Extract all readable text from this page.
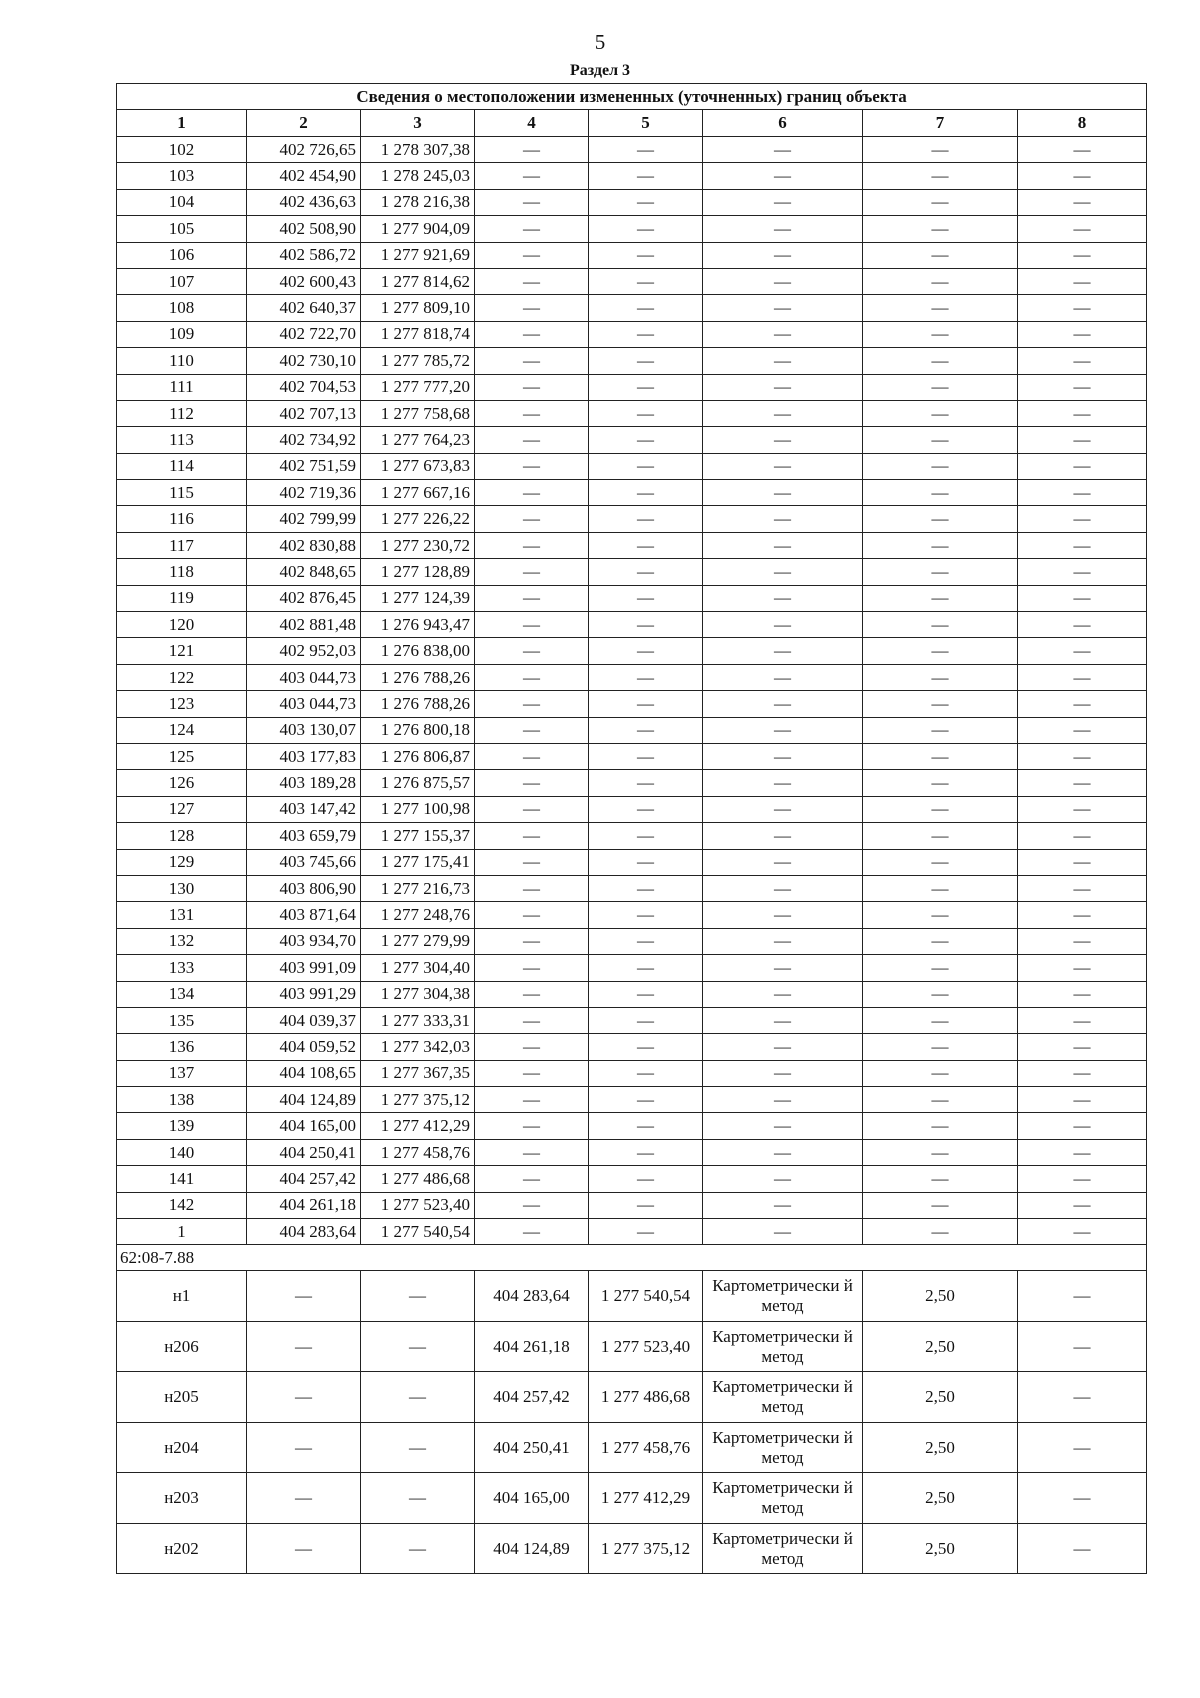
5
Раздел 3
Сведения о местоположении измененных (уточненных) границ объекта							
1	2	3	4	5	6	7	8
102	402 726,65	1 278 307,38	—	—	—	—	—
103	402 454,90	1 278 245,03	—	—	—	—	—
104	402 436,63	1 278 216,38	—	—	—	—	—
105	402 508,90	1 277 904,09	—	—	—	—	—
106	402 586,72	1 277 921,69	—	—	—	—	—
107	402 600,43	1 277 814,62	—	—	—	—	—
108	402 640,37	1 277 809,10	—	—	—	—	—
109	402 722,70	1 277 818,74	—	—	—	—	—
110	402 730,10	1 277 785,72	—	—	—	—	—
111	402 704,53	1 277 777,20	—	—	—	—	—
112	402 707,13	1 277 758,68	—	—	—	—	—
113	402 734,92	1 277 764,23	—	—	—	—	—
114	402 751,59	1 277 673,83	—	—	—	—	—
115	402 719,36	1 277 667,16	—	—	—	—	—
116	402 799,99	1 277 226,22	—	—	—	—	—
117	402 830,88	1 277 230,72	—	—	—	—	—
118	402 848,65	1 277 128,89	—	—	—	—	—
119	402 876,45	1 277 124,39	—	—	—	—	—
120	402 881,48	1 276 943,47	—	—	—	—	—
121	402 952,03	1 276 838,00	—	—	—	—	—
122	403 044,73	1 276 788,26	—	—	—	—	—
123	403 044,73	1 276 788,26	—	—	—	—	—
124	403 130,07	1 276 800,18	—	—	—	—	—
125	403 177,83	1 276 806,87	—	—	—	—	—
126	403 189,28	1 276 875,57	—	—	—	—	—
127	403 147,42	1 277 100,98	—	—	—	—	—
128	403 659,79	1 277 155,37	—	—	—	—	—
129	403 745,66	1 277 175,41	—	—	—	—	—
130	403 806,90	1 277 216,73	—	—	—	—	—
131	403 871,64	1 277 248,76	—	—	—	—	—
132	403 934,70	1 277 279,99	—	—	—	—	—
133	403 991,09	1 277 304,40	—	—	—	—	—
134	403 991,29	1 277 304,38	—	—	—	—	—
135	404 039,37	1 277 333,31	—	—	—	—	—
136	404 059,52	1 277 342,03	—	—	—	—	—
137	404 108,65	1 277 367,35	—	—	—	—	—
138	404 124,89	1 277 375,12	—	—	—	—	—
139	404 165,00	1 277 412,29	—	—	—	—	—
140	404 250,41	1 277 458,76	—	—	—	—	—
141	404 257,42	1 277 486,68	—	—	—	—	—
142	404 261,18	1 277 523,40	—	—	—	—	—
1	404 283,64	1 277 540,54	—	—	—	—	—
62:08-7.88							
н1	—	—	404 283,64	1 277 540,54	Картометрически й метод	2,50	—
н206	—	—	404 261,18	1 277 523,40	Картометрически й метод	2,50	—
н205	—	—	404 257,42	1 277 486,68	Картометрически й метод	2,50	—
н204	—	—	404 250,41	1 277 458,76	Картометрически й метод	2,50	—
н203	—	—	404 165,00	1 277 412,29	Картометрически й метод	2,50	—
н202	—	—	404 124,89	1 277 375,12	Картометрически й метод	2,50	—
